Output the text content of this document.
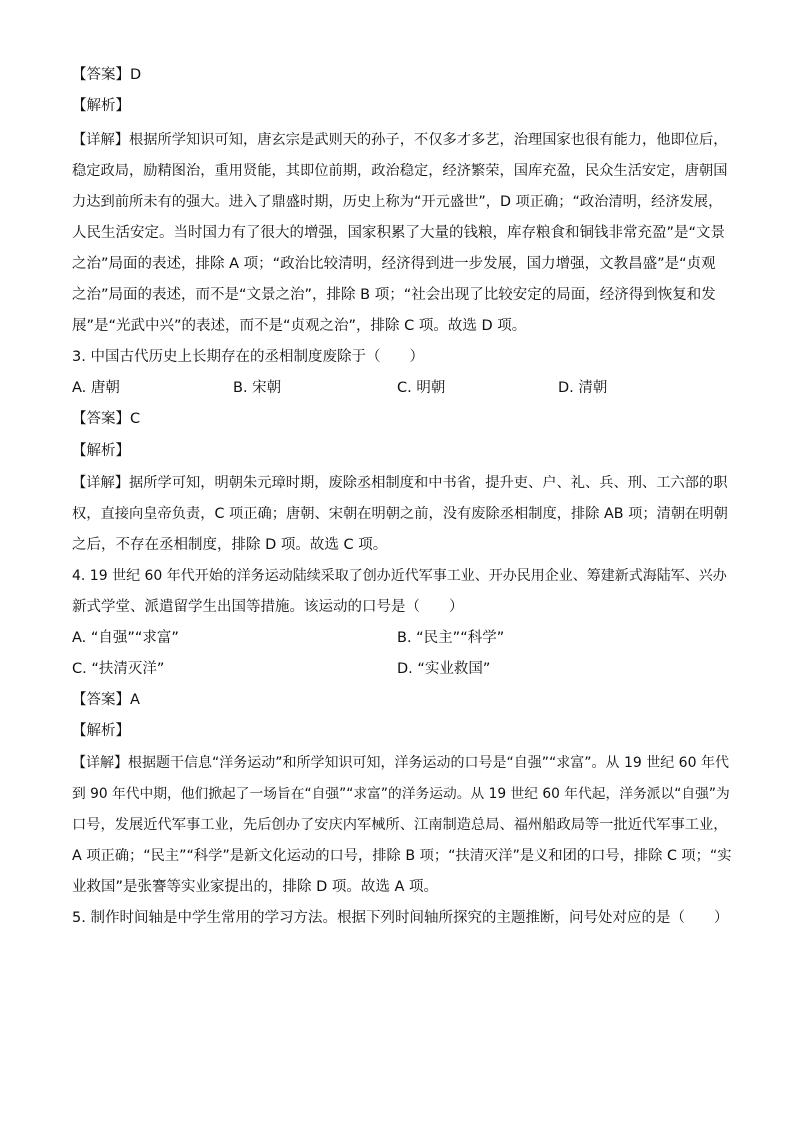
【答案】D
【解析】
【详解】根据所学知识可知，唐玄宗是武则天的孙子，不仅多才多艺，治理国家也很有能力，他即位后，
稳定政局，励精图治，重用贤能，其即位前期，政治稳定，经济繁荣，国库充盈，民众生活安定，唐朝国
力达到前所未有的强大。进入了鼎盛时期，历史上称为“开元盛世”，D 项正确；“政治清明，经济发展，
人民生活安定。当时国力有了很大的增强，国家积累了大量的钱粮，库存粮食和铜钱非常充盈”是“文景
之治”局面的表述，排除 A 项；“政治比较清明，经济得到进一步发展，国力增强，文教昌盛”是“贞观
之治”局面的表述，而不是“文景之治”，排除 B 项；“社会出现了比较安定的局面，经济得到恢复和发
展”是“光武中兴”的表述，而不是“贞观之治”，排除 C 项。故选 D 项。
3. 中国古代历史上长期存在的丞相制度废除于（　　）
A. 唐朝	B. 宋朝	C. 明朝	D. 清朝
【答案】C
【解析】
【详解】据所学可知，明朝朱元璋时期，废除丞相制度和中书省，提升吏、户、礼、兵、刑、工六部的职
权，直接向皇帝负责，C 项正确；唐朝、宋朝在明朝之前，没有废除丞相制度，排除 AB 项；清朝在明朝
之后，不存在丞相制度，排除 D 项。故选 C 项。
4. 19 世纪 60 年代开始的洋务运动陆续采取了创办近代军事工业、开办民用企业、筹建新式海陆军、兴办
新式学堂、派遣留学生出国等措施。该运动的口号是（　　）
A. “自强”“求富”	B. “民主”“科学”
C. “扶清灭洋”	D. “实业救国”
【答案】A
【解析】
【详解】根据题干信息“洋务运动”和所学知识可知，洋务运动的口号是“自强”“求富”。从 19 世纪 60 年代
到 90 年代中期，他们掀起了一场旨在“自强”“求富”的洋务运动。从 19 世纪 60 年代起，洋务派以“自强”为
口号，发展近代军事工业，先后创办了安庆内军械所、江南制造总局、福州船政局等一批近代军事工业，
A 项正确；“民主”“科学”是新文化运动的口号，排除 B 项；“扶清灭洋”是义和团的口号，排除 C 项；“实
业救国”是张謇等实业家提出的，排除 D 项。故选 A 项。
5. 制作时间轴是中学生常用的学习方法。根据下列时间轴所探究的主题推断，问号处对应的是（　　）
